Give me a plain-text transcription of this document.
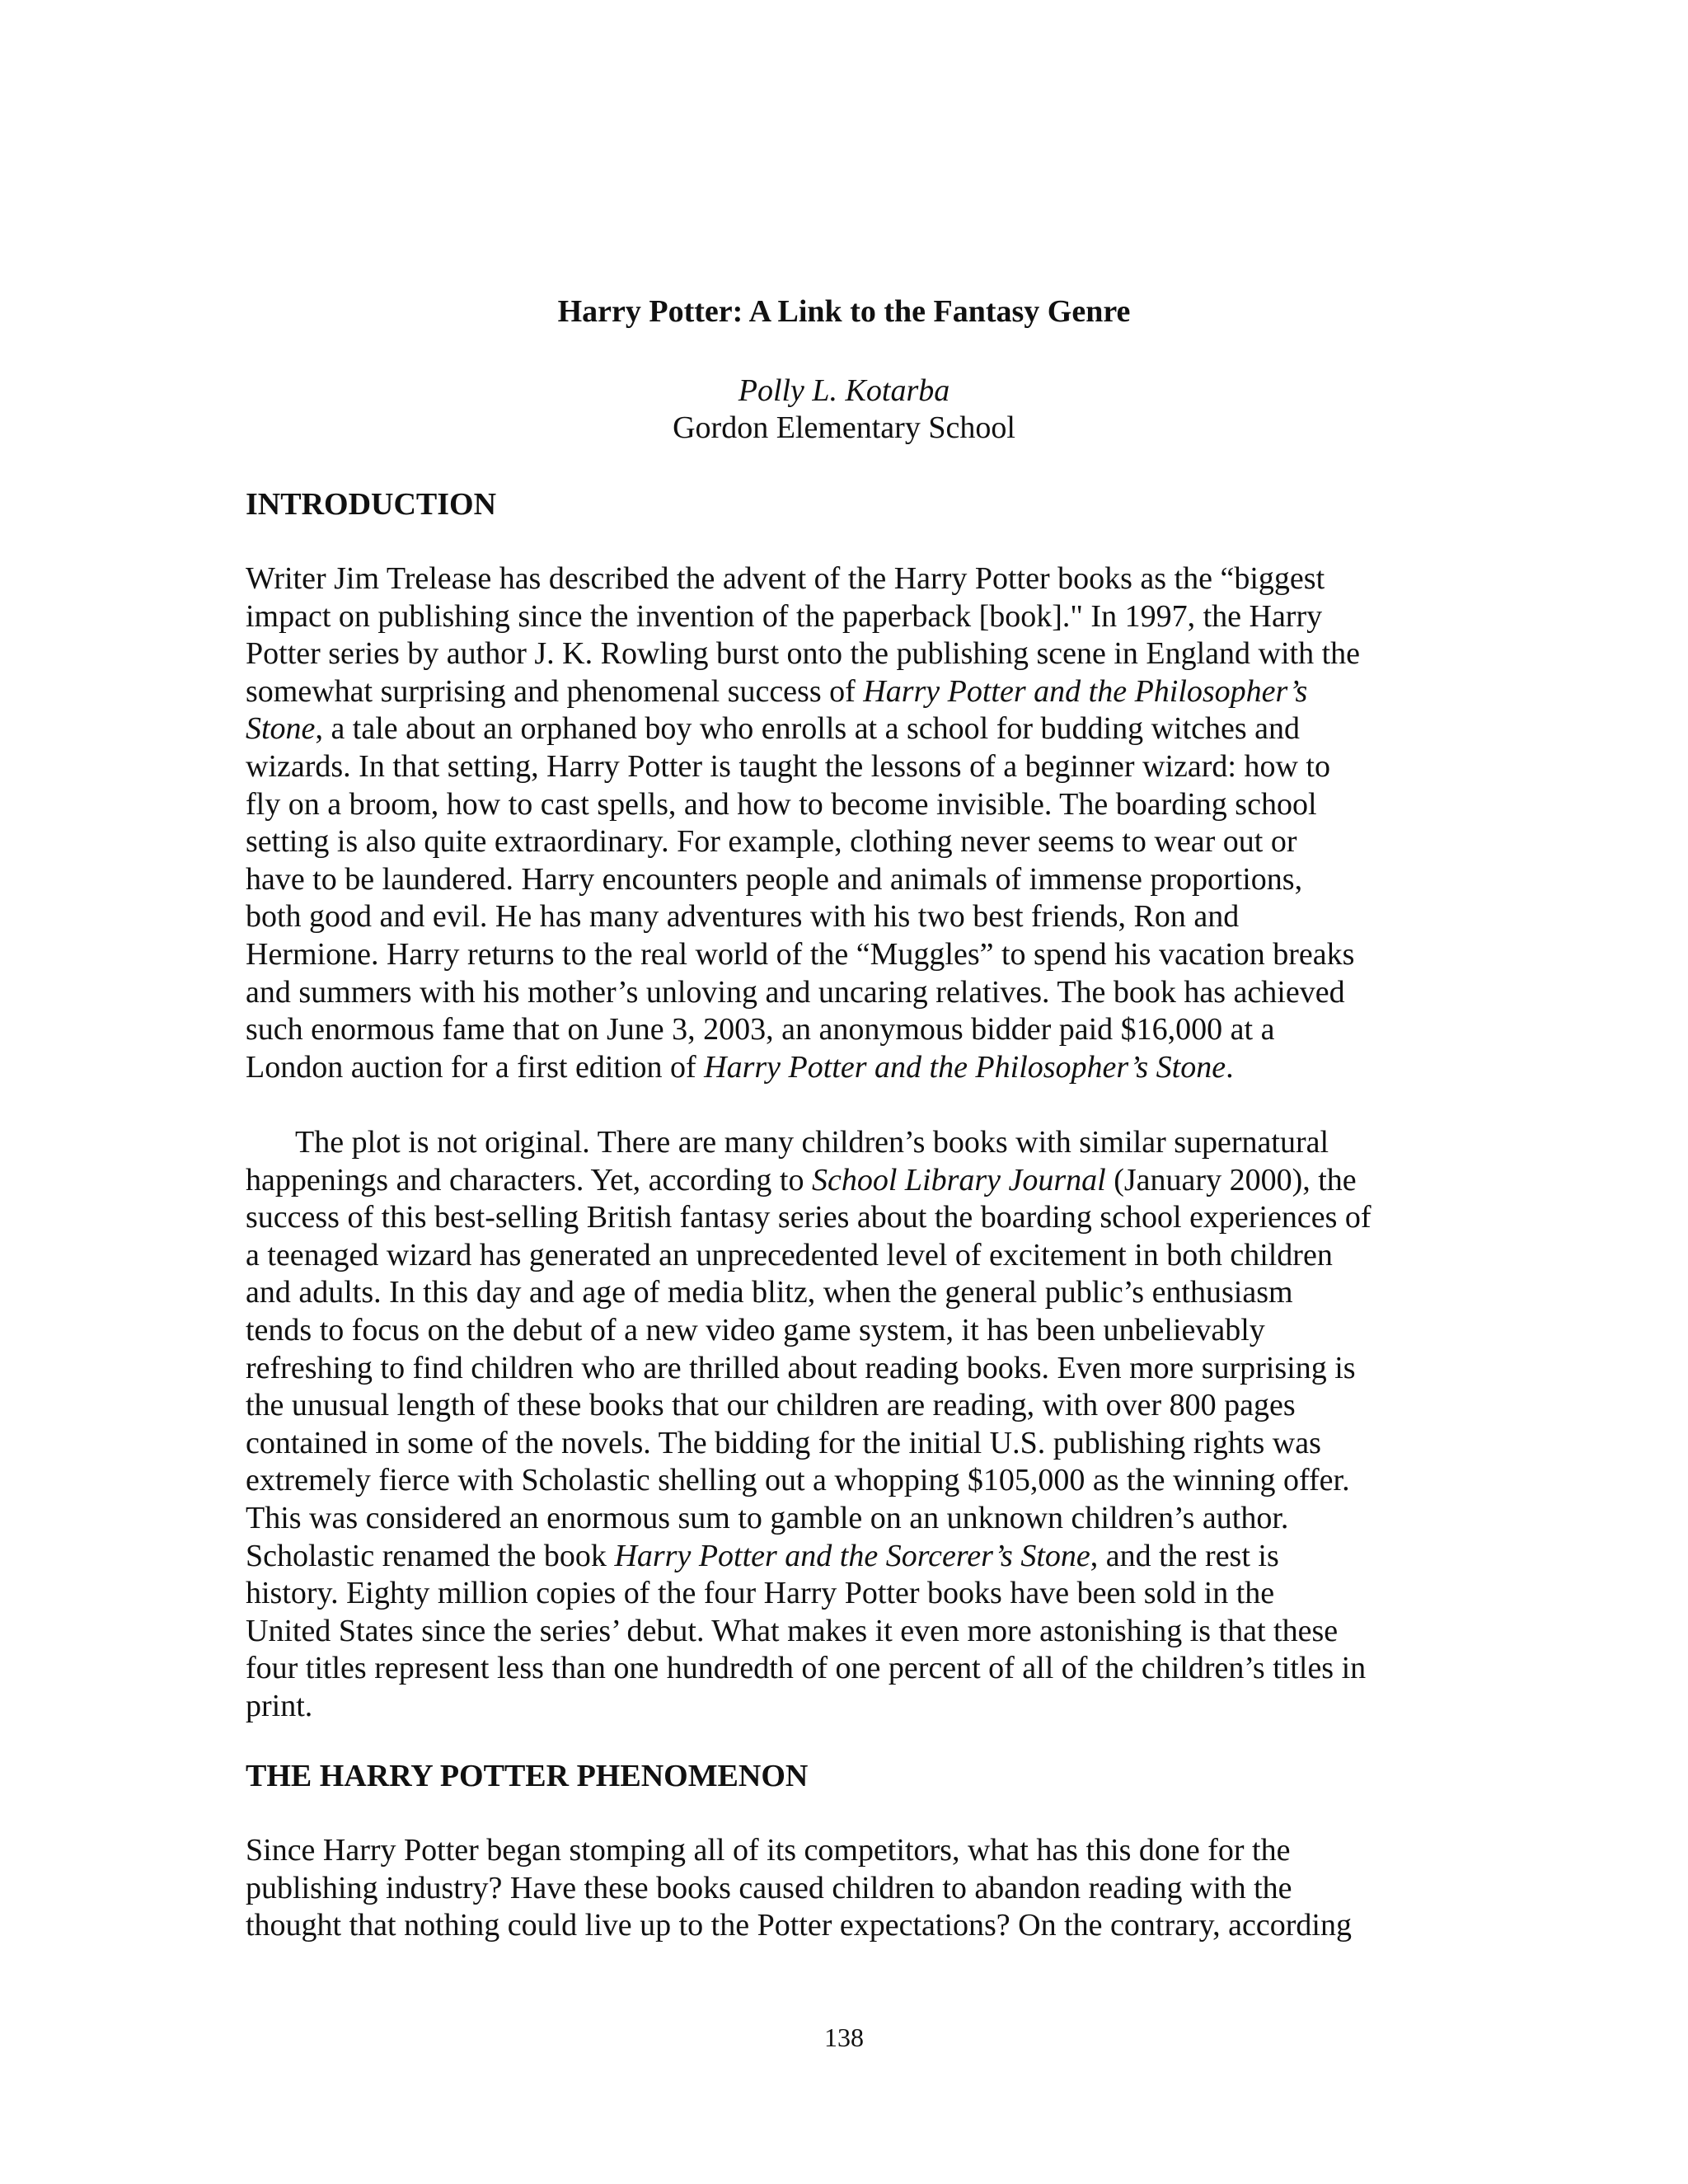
Harry Potter: A Link to the Fantasy Genre
Polly L. Kotarba
Gordon Elementary School
INTRODUCTION
Writer Jim Trelease has described the advent of the Harry Potter books as the “biggest
impact on publishing since the invention of the paperback [book]." In 1997, the Harry
Potter series by author J. K. Rowling burst onto the publishing scene in England with the
somewhat surprising and phenomenal success of Harry Potter and the Philosopher’s
Stone, a tale about an orphaned boy who enrolls at a school for budding witches and
wizards. In that setting, Harry Potter is taught the lessons of a beginner wizard: how to
fly on a broom, how to cast spells, and how to become invisible. The boarding school
setting is also quite extraordinary. For example, clothing never seems to wear out or
have to be laundered. Harry encounters people and animals of immense proportions,
both good and evil. He has many adventures with his two best friends, Ron and
Hermione. Harry returns to the real world of the “Muggles” to spend his vacation breaks
and summers with his mother’s unloving and uncaring relatives. The book has achieved
such enormous fame that on June 3, 2003, an anonymous bidder paid $16,000 at a
London auction for a first edition of Harry Potter and the Philosopher’s Stone.
The plot is not original. There are many children’s books with similar supernatural
happenings and characters. Yet, according to School Library Journal (January 2000), the
success of this best-selling British fantasy series about the boarding school experiences of
a teenaged wizard has generated an unprecedented level of excitement in both children
and adults. In this day and age of media blitz, when the general public’s enthusiasm
tends to focus on the debut of a new video game system, it has been unbelievably
refreshing to find children who are thrilled about reading books. Even more surprising is
the unusual length of these books that our children are reading, with over 800 pages
contained in some of the novels. The bidding for the initial U.S. publishing rights was
extremely fierce with Scholastic shelling out a whopping $105,000 as the winning offer.
This was considered an enormous sum to gamble on an unknown children’s author.
Scholastic renamed the book Harry Potter and the Sorcerer’s Stone, and the rest is
history. Eighty million copies of the four Harry Potter books have been sold in the
United States since the series’ debut. What makes it even more astonishing is that these
four titles represent less than one hundredth of one percent of all of the children’s titles in
print.
THE HARRY POTTER PHENOMENON
Since Harry Potter began stomping all of its competitors, what has this done for the
publishing industry? Have these books caused children to abandon reading with the
thought that nothing could live up to the Potter expectations? On the contrary, according
138
